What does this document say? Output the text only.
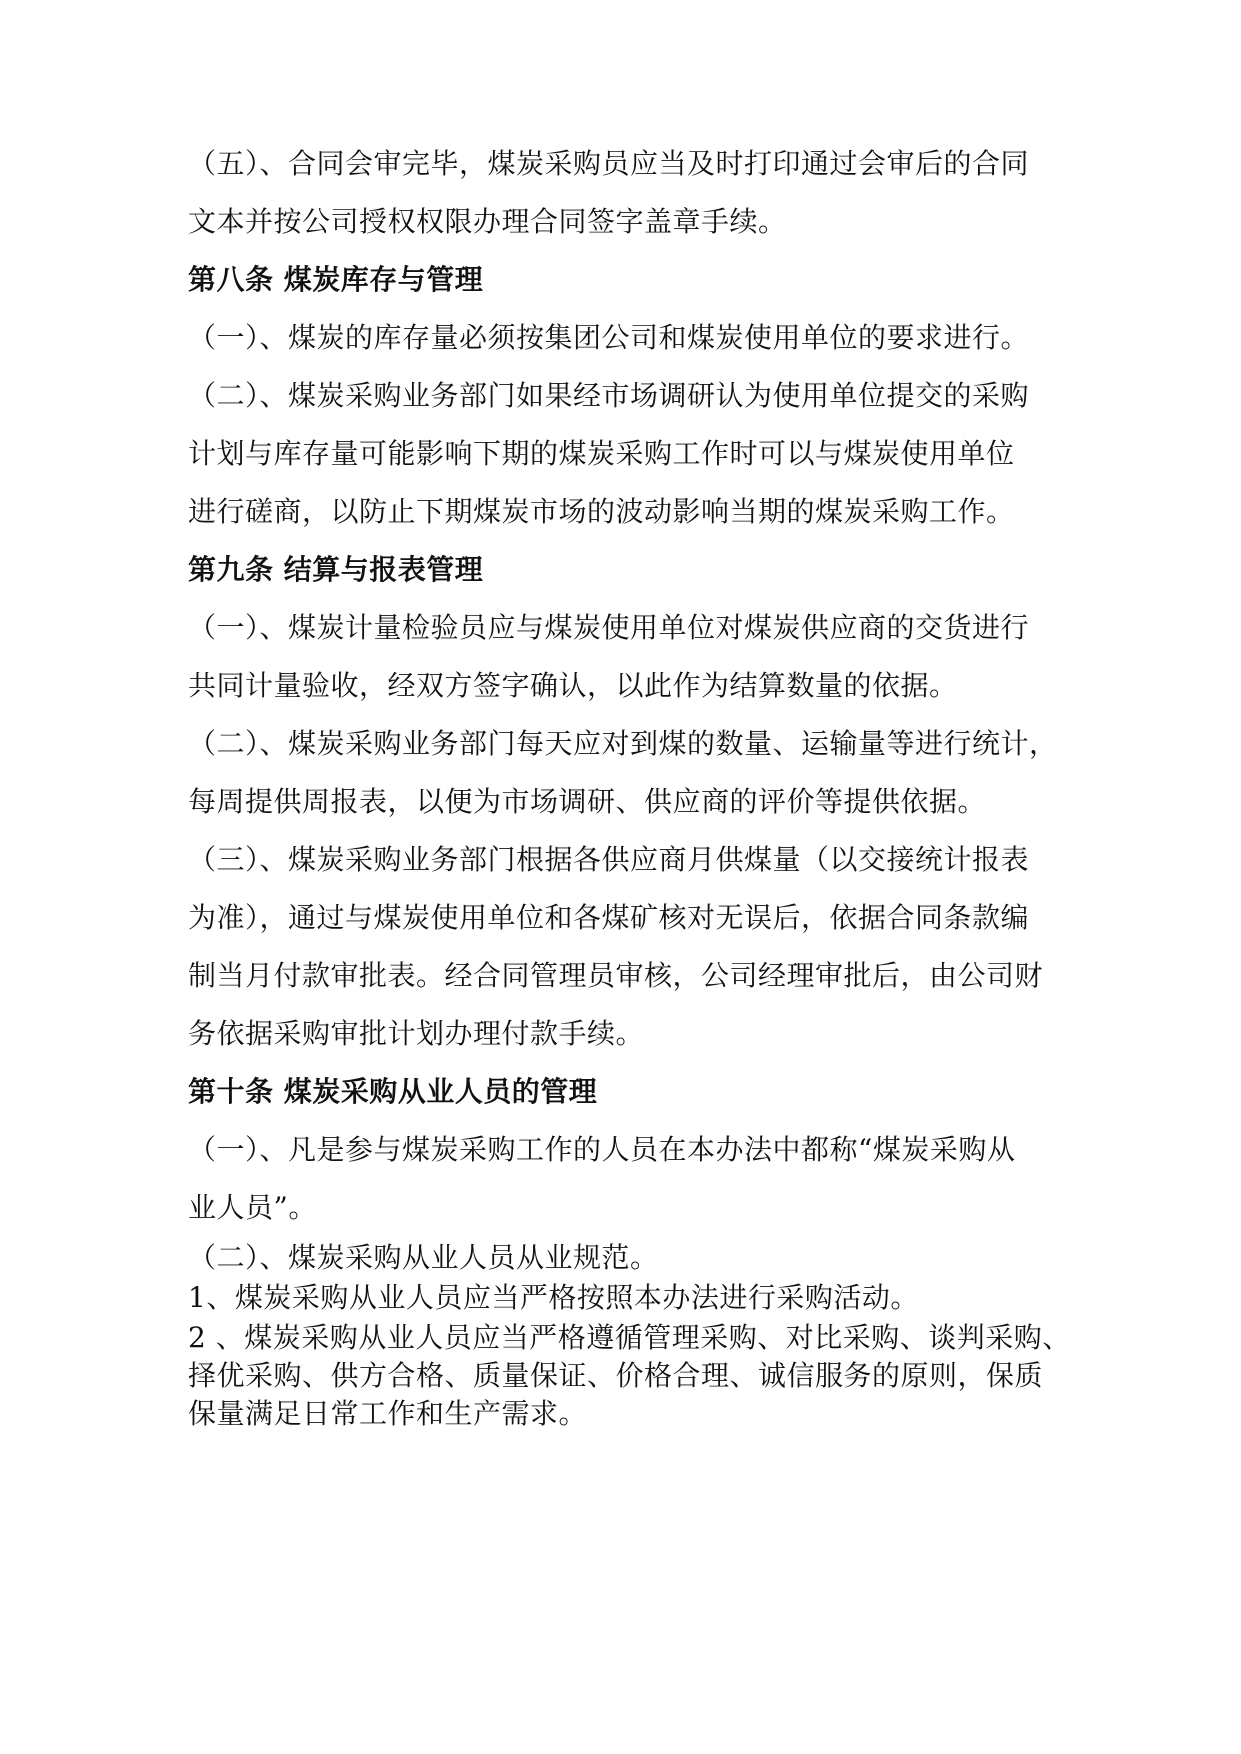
（五）、合同会审完毕，煤炭采购员应当及时打印通过会审后的合同
文本并按公司授权权限办理合同签字盖章手续。
第八条 煤炭库存与管理
（一）、煤炭的库存量必须按集团公司和煤炭使用单位的要求进行。
（二）、煤炭采购业务部门如果经市场调研认为使用单位提交的采购
计划与库存量可能影响下期的煤炭采购工作时可以与煤炭使用单位
进行磋商，以防止下期煤炭市场的波动影响当期的煤炭采购工作。
第九条 结算与报表管理
（一）、煤炭计量检验员应与煤炭使用单位对煤炭供应商的交货进行
共同计量验收，经双方签字确认，以此作为结算数量的依据。
（二）、煤炭采购业务部门每天应对到煤的数量、运输量等进行统计，
每周提供周报表，以便为市场调研、供应商的评价等提供依据。
（三）、煤炭采购业务部门根据各供应商月供煤量（以交接统计报表
为准），通过与煤炭使用单位和各煤矿核对无误后，依据合同条款编
制当月付款审批表。经合同管理员审核，公司经理审批后，由公司财
务依据采购审批计划办理付款手续。
第十条 煤炭采购从业人员的管理
（一）、凡是参与煤炭采购工作的人员在本办法中都称“煤炭采购从
业人员”。
（二）、煤炭采购从业人员从业规范。
1、煤炭采购从业人员应当严格按照本办法进行采购活动。
2 、煤炭采购从业人员应当严格遵循管理采购、对比采购、谈判采购、
择优采购、供方合格、质量保证、价格合理、诚信服务的原则，保质
保量满足日常工作和生产需求。
